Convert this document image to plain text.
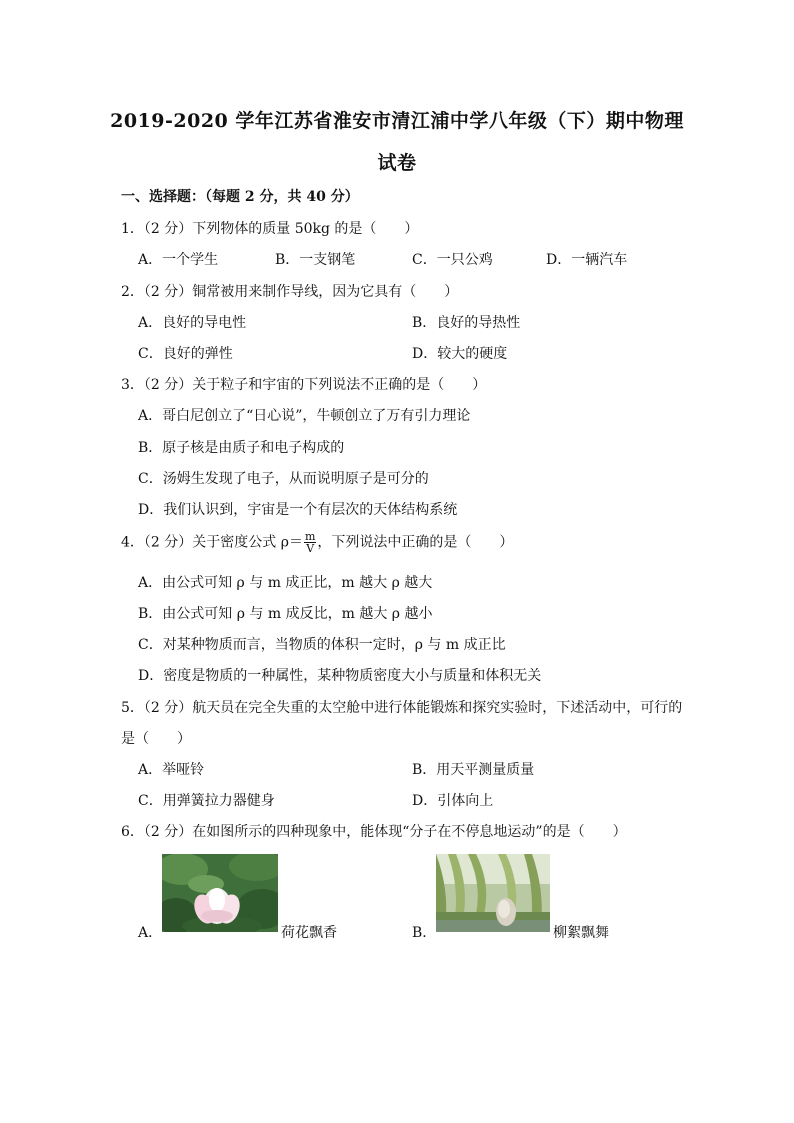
2019-2020 学年江苏省淮安市清江浦中学八年级（下）期中物理
试卷
一、选择题：（每题 2 分，共 40 分）
1．（2 分）下列物体的质量 50kg 的是（　　）
A．一个学生	B．一支钢笔	C．一只公鸡	D．一辆汽车
2．（2 分）铜常被用来制作导线，因为它具有（　　）
A．良好的导电性	B．良好的导热性
C．良好的弹性	D．较大的硬度
3．（2 分）关于粒子和宇宙的下列说法不正确的是（　　）
A．哥白尼创立了“日心说”，牛顿创立了万有引力理论
B．原子核是由质子和电子构成的
C．汤姆生发现了电子，从而说明原子是可分的
D．我们认识到，宇宙是一个有层次的天体结构系统
4．（2 分）关于密度公式 $\rho= \frac{m}{V}$ ，下列说法中正确的是（　　）
A．由公式可知 ρ 与 m 成正比，m 越大 ρ 越大
B．由公式可知 ρ 与 m 成反比，m 越大 ρ 越小
C．对某种物质而言，当物质的体积一定时，ρ 与 m 成正比
D．密度是物质的一种属性，某种物质密度大小与质量和体积无关
5．（2 分）航天员在完全失重的太空舱中进行体能锻炼和探究实验时，下述活动中，可行的
是（　　）
A．举哑铃	B．用天平测量质量
C．用弹簧拉力器健身	D．引体向上
6．（2 分）在如图所示的四种现象中，能体现“分子在不停息地运动”的是（　　）
A．	荷花飘香	B．	柳絮飘舞
